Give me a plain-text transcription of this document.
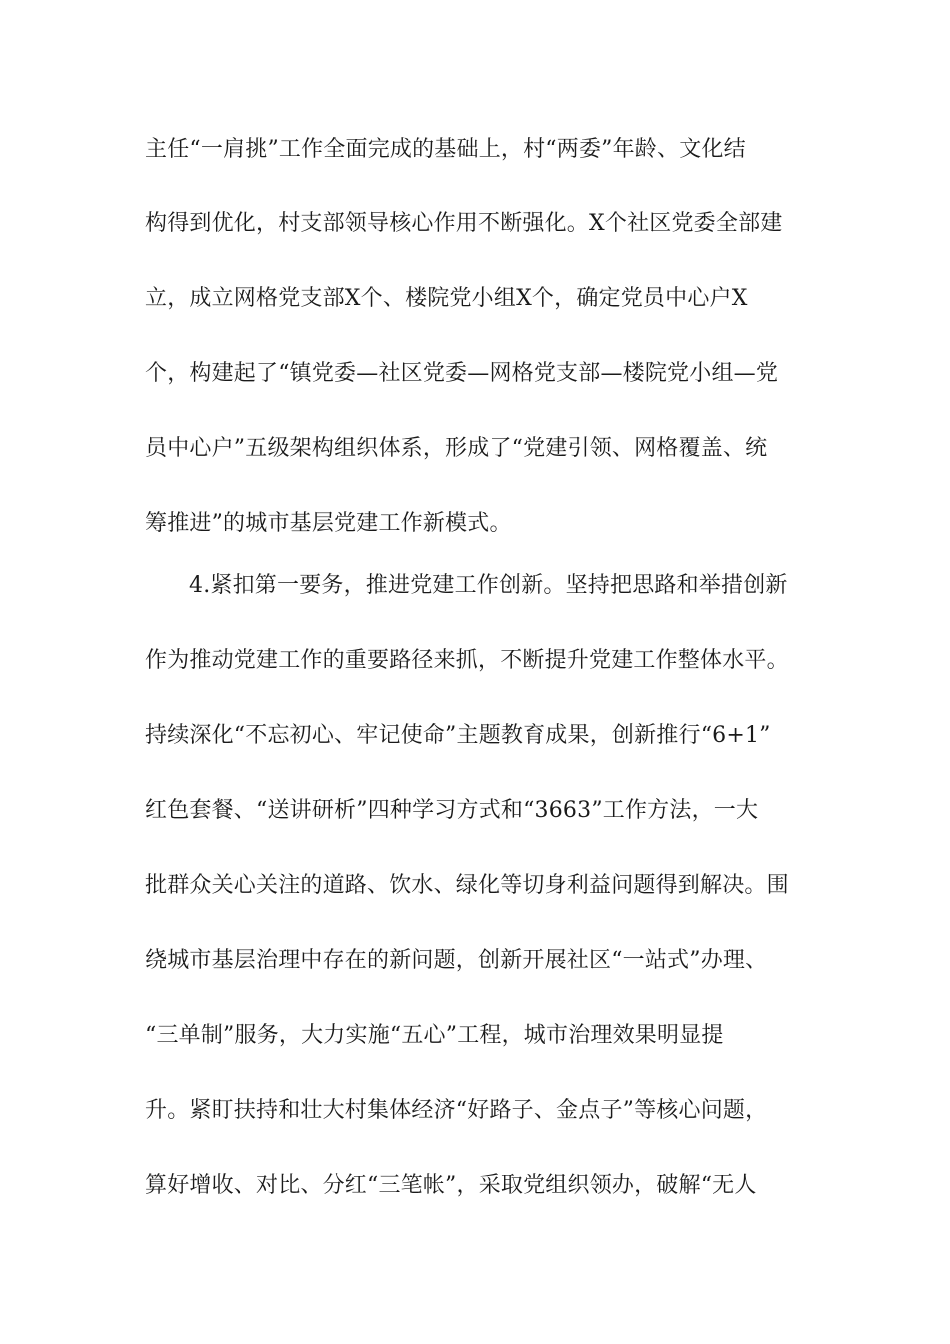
主任“一肩挑”工作全面完成的基础上，村“两委”年龄、文化结
构得到优化，村支部领导核心作用不断强化。X个社区党委全部建
立，成立网格党支部X个、楼院党小组X个，确定党员中心户X
个，构建起了“镇党委—社区党委—网格党支部—楼院党小组—党
员中心户”五级架构组织体系，形成了“党建引领、网格覆盖、统
筹推进”的城市基层党建工作新模式。
4.紧扣第一要务，推进党建工作创新。坚持把思路和举措创新
作为推动党建工作的重要路径来抓，不断提升党建工作整体水平。
持续深化“不忘初心、牢记使命”主题教育成果，创新推行“6+1”
红色套餐、“送讲研析”四种学习方式和“3663”工作方法，一大
批群众关心关注的道路、饮水、绿化等切身利益问题得到解决。围
绕城市基层治理中存在的新问题，创新开展社区“一站式”办理、
“三单制”服务，大力实施“五心”工程，城市治理效果明显提
升。紧盯扶持和壮大村集体经济“好路子、金点子”等核心问题，
算好增收、对比、分红“三笔帐”，采取党组织领办，破解“无人
